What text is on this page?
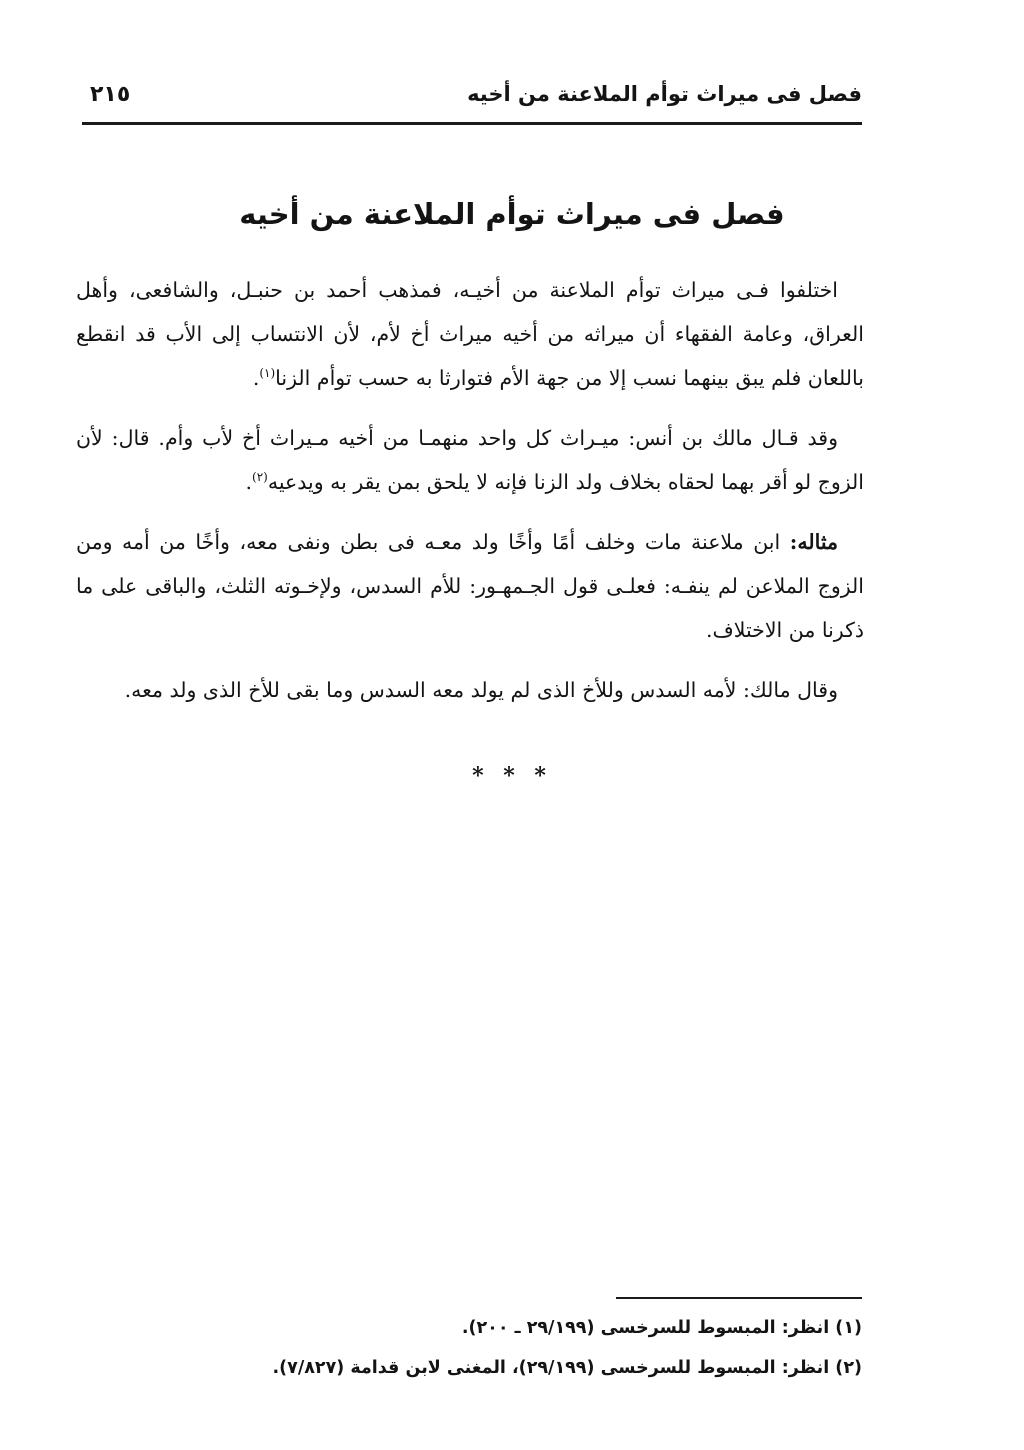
فصل فى ميراث توأم الملاعنة من أخيه
٢١٥
فصل فى ميراث توأم الملاعنة من أخيه

اختلفوا فـى ميراث توأم الملاعنة من أخيـه، فمذهب أحمد بن حنبـل، والشافعى، وأهل العراق، وعامة الفقهاء أن ميراثه من أخيه ميراث أخ لأم، لأن الانتساب إلى الأب قد انقطع باللعان فلم يبق بينهما نسب إلا من جهة الأم فتوارثا به حسب توأم الزنا$^{(١)}$.

وقد قـال مالك بن أنس: ميـراث كل واحد منهمـا من أخيه مـيراث أخ لأب وأم. قال: لأن الزوج لو أقر بهما لحقاه بخلاف ولد الزنا فإنه لا يلحق بمن يقر به ويدعيه$^{(٢)}$.

مثاله: ابن ملاعنة مات وخلف أمًا وأخًا ولد معـه فى بطن ونفى معه، وأخًا من أمه ومن الزوج الملاعن لم ينفـه: فعلـى قول الجـمهـور: للأم السدس، ولإخـوته الثلث، والباقى على ما ذكرنا من الاختلاف.

وقال مالك: لأمه السدس وللأخ الذى لم يولد معه السدس وما بقى للأخ الذى ولد معه.

* * *
(١) انظر: المبسوط للسرخسى (٢٩/١٩٩ ـ ٢٠٠).
(٢) انظر: المبسوط للسرخسى (٢٩/١٩٩)، المغنى لابن قدامة (٧/٨٢٧).
